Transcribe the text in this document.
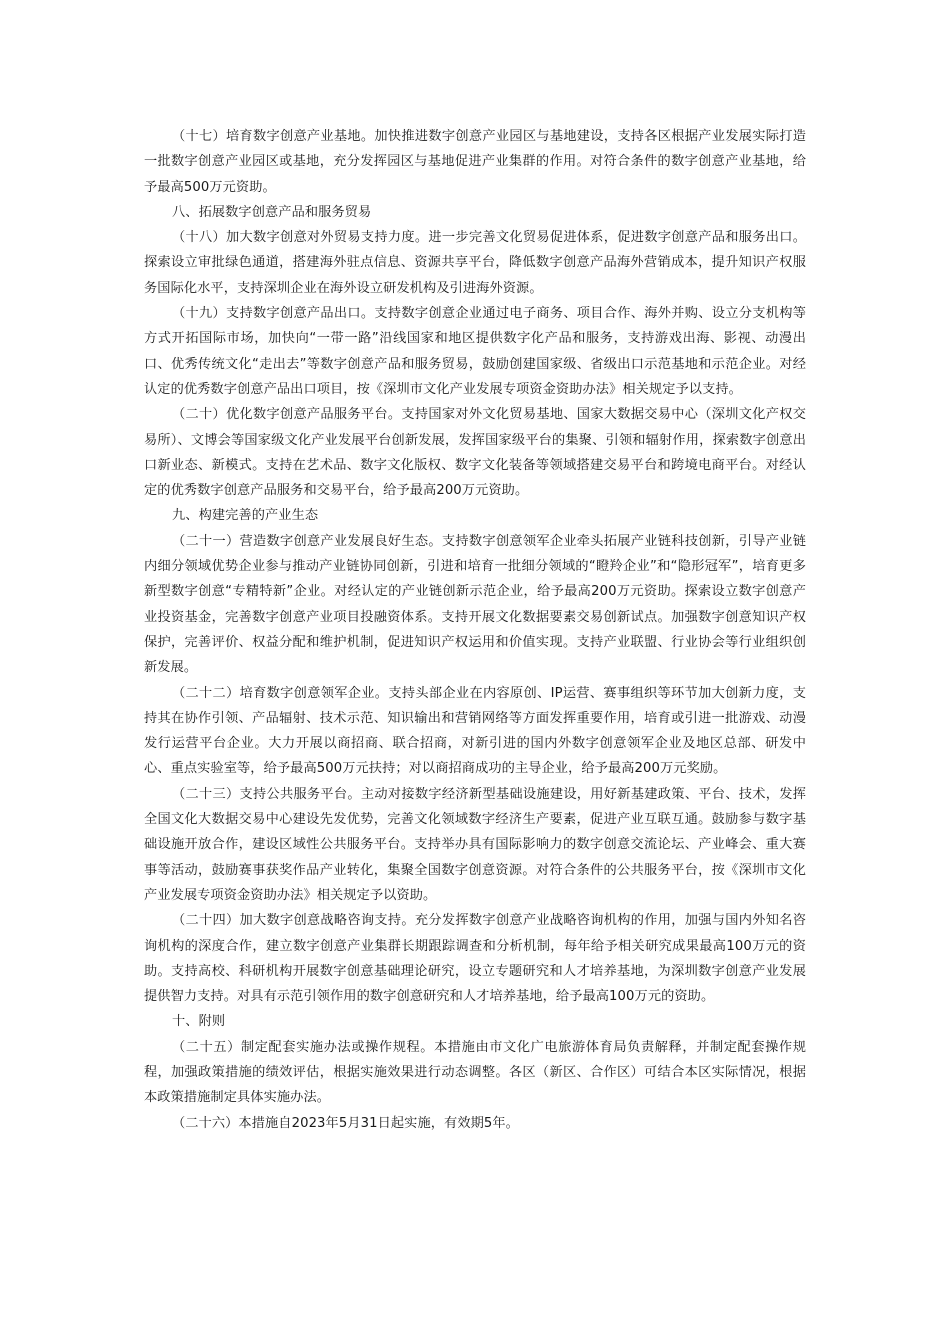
（十七）培育数字创意产业基地。加快推进数字创意产业园区与基地建设，支持各区根据产业发展实际打造一批数字创意产业园区或基地，充分发挥园区与基地促进产业集群的作用。对符合条件的数字创意产业基地，给予最高500万元资助。

八、拓展数字创意产品和服务贸易

（十八）加大数字创意对外贸易支持力度。进一步完善文化贸易促进体系，促进数字创意产品和服务出口。探索设立审批绿色通道，搭建海外驻点信息、资源共享平台，降低数字创意产品海外营销成本，提升知识产权服务国际化水平，支持深圳企业在海外设立研发机构及引进海外资源。

（十九）支持数字创意产品出口。支持数字创意企业通过电子商务、项目合作、海外并购、设立分支机构等方式开拓国际市场，加快向“一带一路”沿线国家和地区提供数字化产品和服务，支持游戏出海、影视、动漫出口、优秀传统文化“走出去”等数字创意产品和服务贸易，鼓励创建国家级、省级出口示范基地和示范企业。对经认定的优秀数字创意产品出口项目，按《深圳市文化产业发展专项资金资助办法》相关规定予以支持。

（二十）优化数字创意产品服务平台。支持国家对外文化贸易基地、国家大数据交易中心（深圳文化产权交易所）、文博会等国家级文化产业发展平台创新发展，发挥国家级平台的集聚、引领和辐射作用，探索数字创意出口新业态、新模式。支持在艺术品、数字文化版权、数字文化装备等领域搭建交易平台和跨境电商平台。对经认定的优秀数字创意产品服务和交易平台，给予最高200万元资助。

九、构建完善的产业生态

（二十一）营造数字创意产业发展良好生态。支持数字创意领军企业牵头拓展产业链科技创新，引导产业链内细分领域优势企业参与推动产业链协同创新，引进和培育一批细分领域的“瞪羚企业”和“隐形冠军”，培育更多新型数字创意“专精特新”企业。对经认定的产业链创新示范企业，给予最高200万元资助。探索设立数字创意产业投资基金，完善数字创意产业项目投融资体系。支持开展文化数据要素交易创新试点。加强数字创意知识产权保护，完善评价、权益分配和维护机制，促进知识产权运用和价值实现。支持产业联盟、行业协会等行业组织创新发展。

（二十二）培育数字创意领军企业。支持头部企业在内容原创、IP运营、赛事组织等环节加大创新力度，支持其在协作引领、产品辐射、技术示范、知识输出和营销网络等方面发挥重要作用，培育或引进一批游戏、动漫发行运营平台企业。大力开展以商招商、联合招商，对新引进的国内外数字创意领军企业及地区总部、研发中心、重点实验室等，给予最高500万元扶持；对以商招商成功的主导企业，给予最高200万元奖励。

（二十三）支持公共服务平台。主动对接数字经济新型基础设施建设，用好新基建政策、平台、技术，发挥全国文化大数据交易中心建设先发优势，完善文化领域数字经济生产要素，促进产业互联互通。鼓励参与数字基础设施开放合作，建设区域性公共服务平台。支持举办具有国际影响力的数字创意交流论坛、产业峰会、重大赛事等活动，鼓励赛事获奖作品产业转化，集聚全国数字创意资源。对符合条件的公共服务平台，按《深圳市文化产业发展专项资金资助办法》相关规定予以资助。

（二十四）加大数字创意战略咨询支持。充分发挥数字创意产业战略咨询机构的作用，加强与国内外知名咨询机构的深度合作，建立数字创意产业集群长期跟踪调查和分析机制，每年给予相关研究成果最高100万元的资助。支持高校、科研机构开展数字创意基础理论研究，设立专题研究和人才培养基地，为深圳数字创意产业发展提供智力支持。对具有示范引领作用的数字创意研究和人才培养基地，给予最高100万元的资助。

十、附则

（二十五）制定配套实施办法或操作规程。本措施由市文化广电旅游体育局负责解释，并制定配套操作规程，加强政策措施的绩效评估，根据实施效果进行动态调整。各区（新区、合作区）可结合本区实际情况，根据本政策措施制定具体实施办法。

（二十六）本措施自2023年5月31日起实施，有效期5年。
